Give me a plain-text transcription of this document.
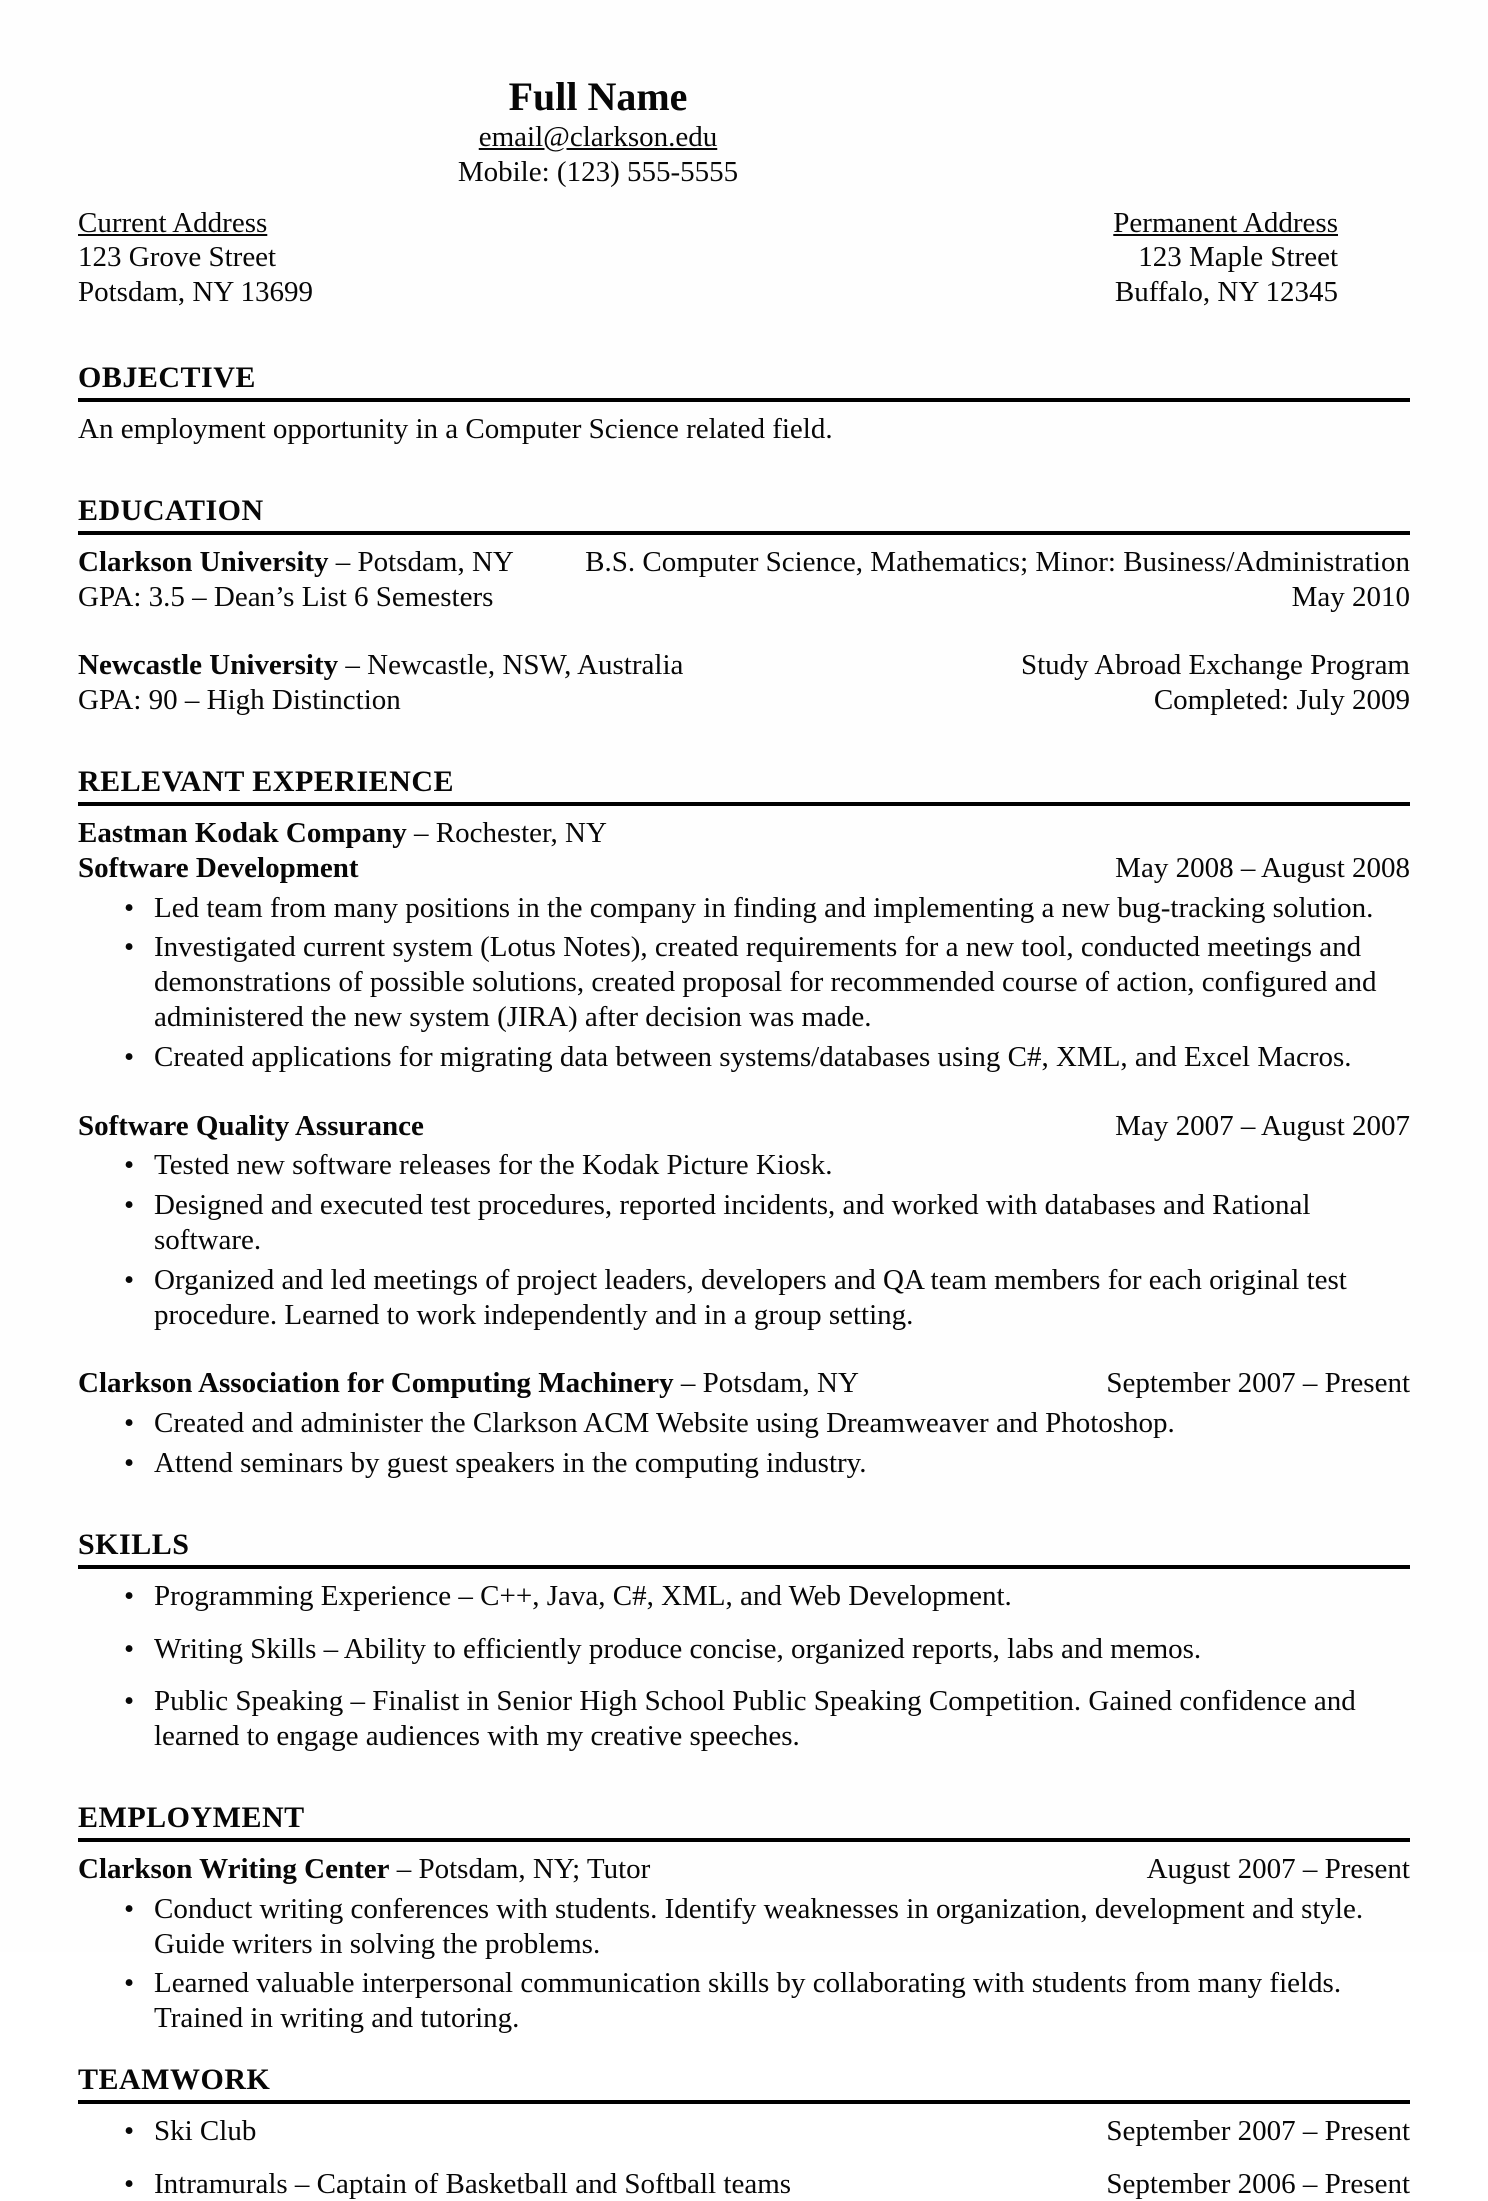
Full Name
email@clarkson.edu
Mobile: (123) 555-5555
Current Address
123 Grove Street
Potsdam, NY 13699
Permanent Address
123 Maple Street
Buffalo, NY 12345
OBJECTIVE
An employment opportunity in a Computer Science related field.
EDUCATION
Clarkson University – Potsdam, NY	B.S. Computer Science, Mathematics; Minor: Business/Administration
GPA: 3.5 – Dean’s List 6 Semesters	May 2010
Newcastle University – Newcastle, NSW, Australia	Study Abroad Exchange Program
GPA: 90 – High Distinction	Completed: July 2009
RELEVANT EXPERIENCE
Eastman Kodak Company – Rochester, NY
Software Development	May 2008 – August 2008
• Led team from many positions in the company in finding and implementing a new bug-tracking solution.
• Investigated current system (Lotus Notes), created requirements for a new tool, conducted meetings and demonstrations of possible solutions, created proposal for recommended course of action, configured and administered the new system (JIRA) after decision was made.
• Created applications for migrating data between systems/databases using C#, XML, and Excel Macros.
Software Quality Assurance	May 2007 – August 2007
• Tested new software releases for the Kodak Picture Kiosk.
• Designed and executed test procedures, reported incidents, and worked with databases and Rational software.
• Organized and led meetings of project leaders, developers and QA team members for each original test procedure. Learned to work independently and in a group setting.
Clarkson Association for Computing Machinery – Potsdam, NY	September 2007 – Present
• Created and administer the Clarkson ACM Website using Dreamweaver and Photoshop.
• Attend seminars by guest speakers in the computing industry.
SKILLS
• Programming Experience – C++, Java, C#, XML, and Web Development.
• Writing Skills – Ability to efficiently produce concise, organized reports, labs and memos.
• Public Speaking – Finalist in Senior High School Public Speaking Competition. Gained confidence and learned to engage audiences with my creative speeches.
EMPLOYMENT
Clarkson Writing Center – Potsdam, NY; Tutor	August 2007 – Present
• Conduct writing conferences with students. Identify weaknesses in organization, development and style. Guide writers in solving the problems.
• Learned valuable interpersonal communication skills by collaborating with students from many fields. Trained in writing and tutoring.
TEAMWORK
• Ski Club	September 2007 – Present
• Intramurals – Captain of Basketball and Softball teams	September 2006 – Present
